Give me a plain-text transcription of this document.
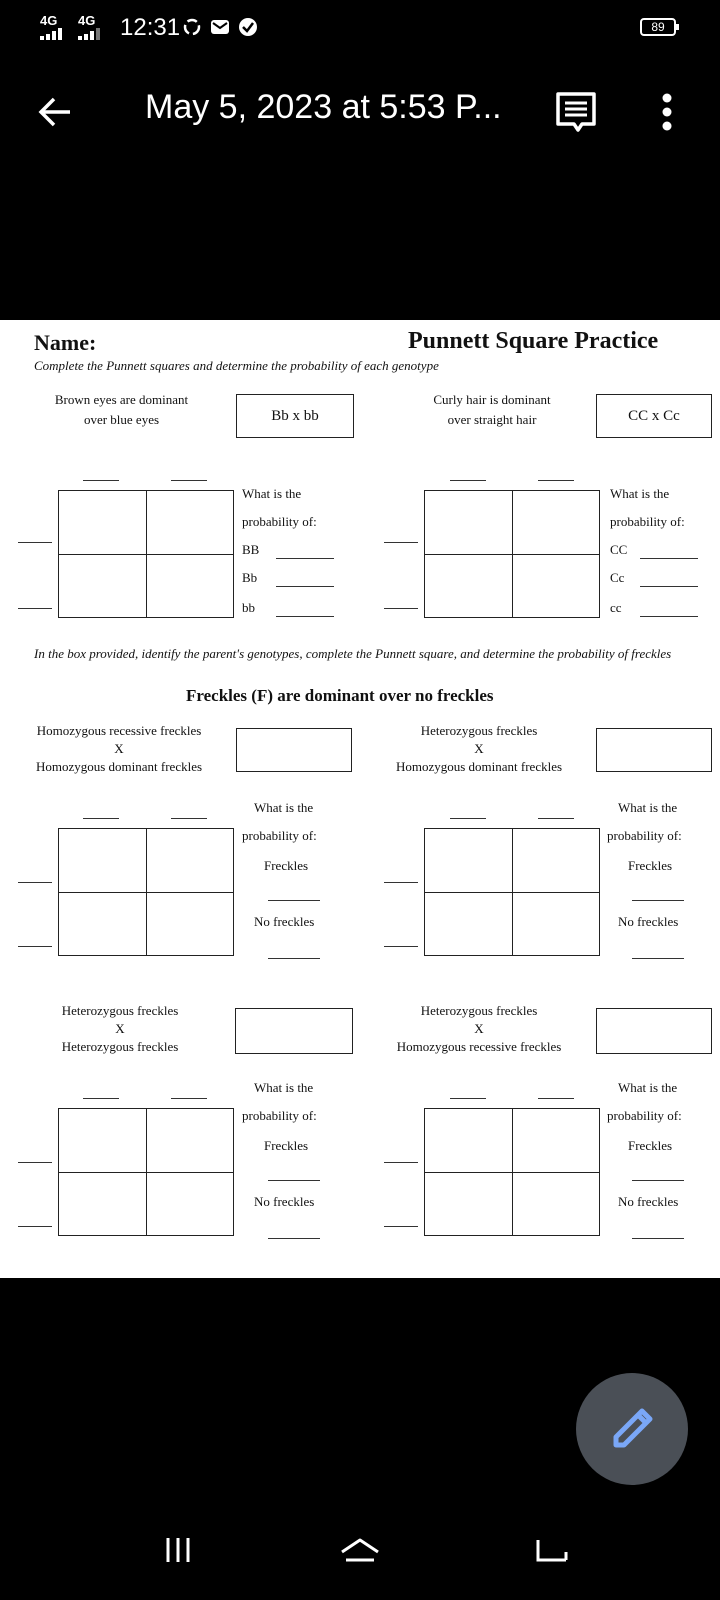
4G 4G 12:31	89
May 5, 2023 at 5:53 P...
Name:	Punnett Square Practice
Complete the Punnett squares and determine the probability of each genotype
Brown eyes are dominant
over blue eyes	Bb x bb
What is the
probability of:
BB
Bb
bb
Curly hair is dominant
over straight hair	CC x Cc
What is the
probability of:
CC
Cc
cc
In the box provided, identify the parent's genotypes, complete the Punnett square, and determine the probability of freckles
Freckles (F) are dominant over no freckles
Homozygous recessive freckles
X
Homozygous dominant freckles
What is the
probability of:
Freckles
No freckles
Heterozygous freckles
X
Homozygous dominant freckles
What is the
probability of:
Freckles
No freckles
Heterozygous freckles
X
Heterozygous freckles
What is the
probability of:
Freckles
No freckles
Heterozygous freckles
X
Homozygous recessive freckles
What is the
probability of:
Freckles
No freckles
